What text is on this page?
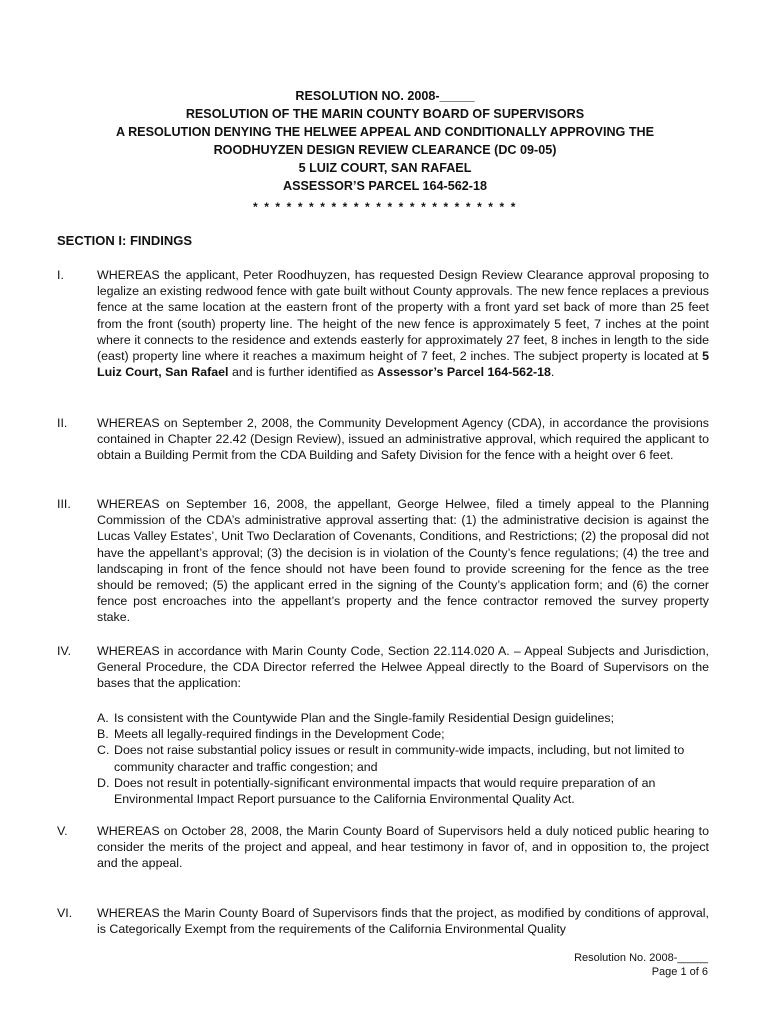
RESOLUTION NO. 2008-_____
RESOLUTION OF THE MARIN COUNTY BOARD OF SUPERVISORS
A RESOLUTION DENYING THE HELWEE APPEAL AND CONDITIONALLY APPROVING THE
ROODHUYZEN DESIGN REVIEW CLEARANCE (DC 09-05)
5 LUIZ COURT, SAN RAFAEL
ASSESSOR’S PARCEL 164-562-18
* * * * * * * * * * * * * * * * * * * * * * * *
SECTION I: FINDINGS
I.	WHEREAS the applicant, Peter Roodhuyzen, has requested Design Review Clearance approval proposing to legalize an existing redwood fence with gate built without County approvals. The new fence replaces a previous fence at the same location at the eastern front of the property with a front yard set back of more than 25 feet from the front (south) property line. The height of the new fence is approximately 5 feet, 7 inches at the point where it connects to the residence and extends easterly for approximately 27 feet, 8 inches in length to the side (east) property line where it reaches a maximum height of 7 feet, 2 inches. The subject property is located at 5 Luiz Court, San Rafael and is further identified as Assessor’s Parcel 164-562-18.
II.	WHEREAS on September 2, 2008, the Community Development Agency (CDA), in accordance the provisions contained in Chapter 22.42 (Design Review), issued an administrative approval, which required the applicant to obtain a Building Permit from the CDA Building and Safety Division for the fence with a height over 6 feet.
III.	WHEREAS on September 16, 2008, the appellant, George Helwee, filed a timely appeal to the Planning Commission of the CDA’s administrative approval asserting that: (1) the administrative decision is against the Lucas Valley Estates’, Unit Two Declaration of Covenants, Conditions, and Restrictions; (2) the proposal did not have the appellant’s approval; (3) the decision is in violation of the County’s fence regulations; (4) the tree and landscaping in front of the fence should not have been found to provide screening for the fence as the tree should be removed; (5) the applicant erred in the signing of the County’s application form; and (6) the corner fence post encroaches into the appellant’s property and the fence contractor removed the survey property stake.
IV.	WHEREAS in accordance with Marin County Code, Section 22.114.020 A. – Appeal Subjects and Jurisdiction, General Procedure, the CDA Director referred the Helwee Appeal directly to the Board of Supervisors on the bases that the application:
A. Is consistent with the Countywide Plan and the Single-family Residential Design guidelines;
B. Meets all legally-required findings in the Development Code;
C. Does not raise substantial policy issues or result in community-wide impacts, including, but not limited to community character and traffic congestion; and
D. Does not result in potentially-significant environmental impacts that would require preparation of an Environmental Impact Report pursuance to the California Environmental Quality Act.
V.	WHEREAS on October 28, 2008, the Marin County Board of Supervisors held a duly noticed public hearing to consider the merits of the project and appeal, and hear testimony in favor of, and in opposition to, the project and the appeal.
VI.	WHEREAS the Marin County Board of Supervisors finds that the project, as modified by conditions of approval, is Categorically Exempt from the requirements of the California Environmental Quality
Resolution No. 2008-_____
Page 1 of 6
